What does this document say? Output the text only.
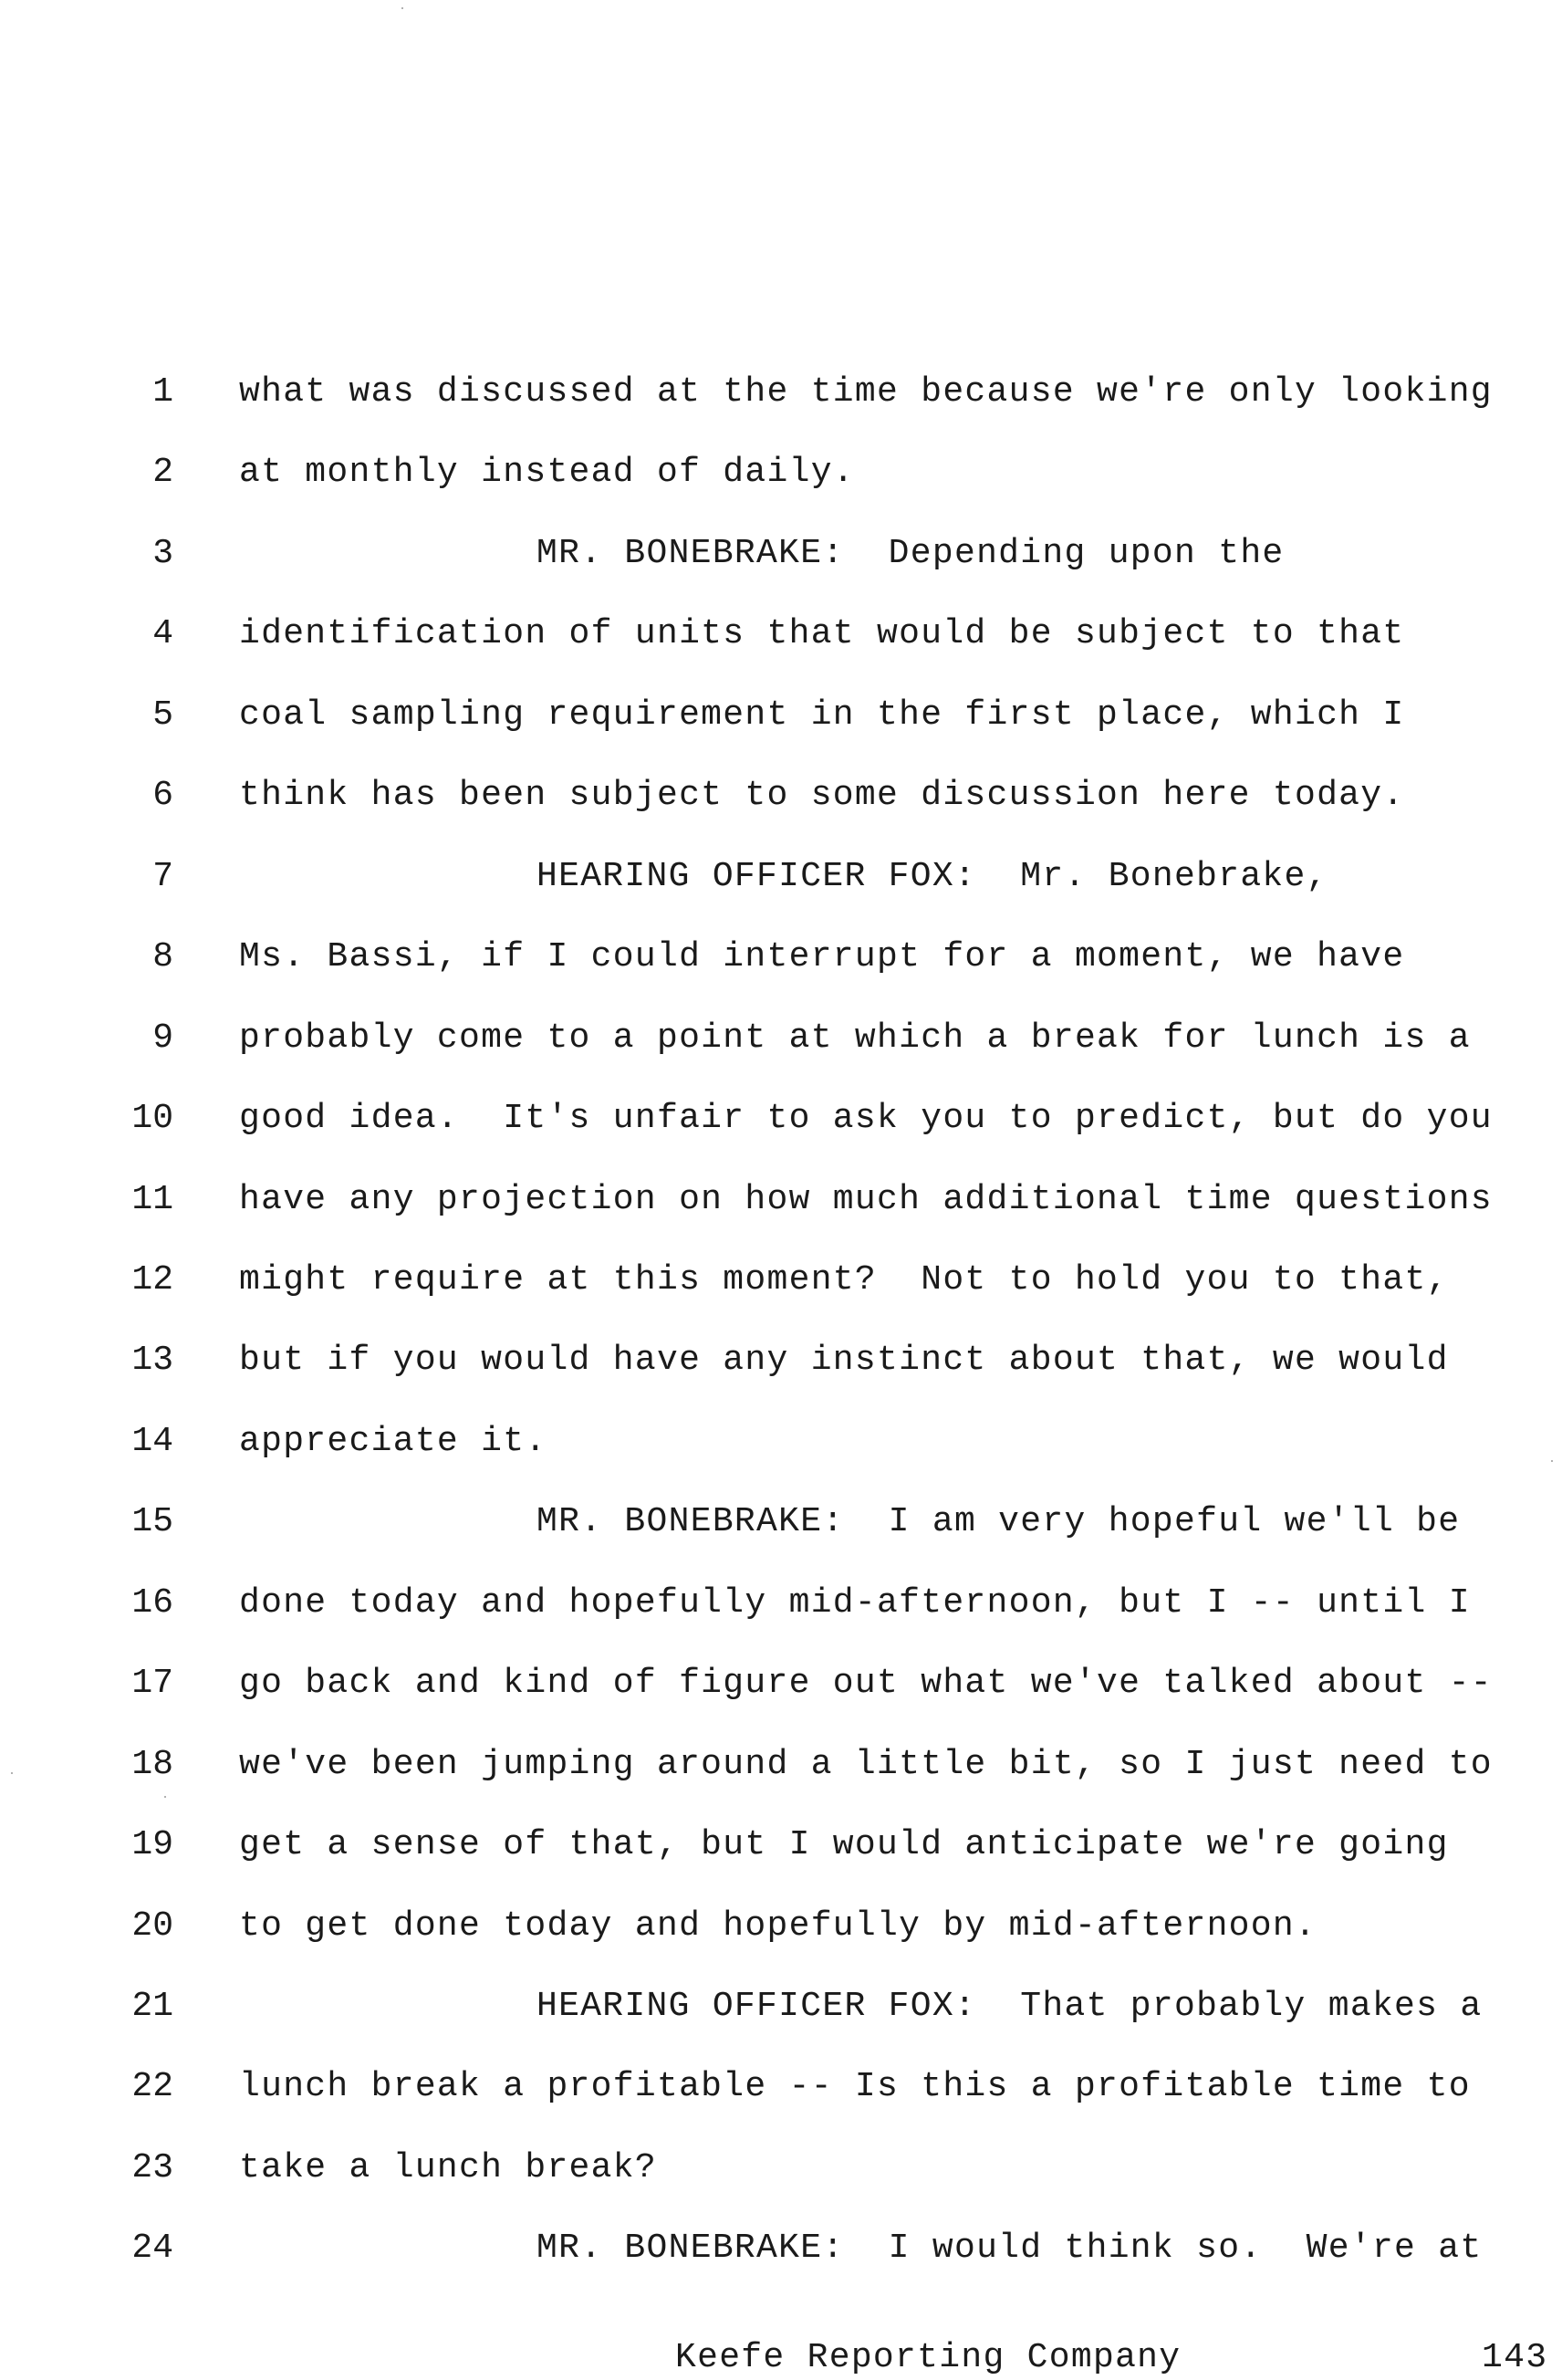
1 what was discussed at the time because we're only looking
2 at monthly instead of daily.
3	MR. BONEBRAKE:  Depending upon the
4 identification of units that would be subject to that
5 coal sampling requirement in the first place, which I
6 think has been subject to some discussion here today.
7	HEARING OFFICER FOX:  Mr. Bonebrake,
8 Ms. Bassi, if I could interrupt for a moment, we have
9 probably come to a point at which a break for lunch is a
10 good idea.  It's unfair to ask you to predict, but do you
11 have any projection on how much additional time questions
12 might require at this moment?  Not to hold you to that,
13 but if you would have any instinct about that, we would
14 appreciate it.
15	MR. BONEBRAKE:  I am very hopeful we'll be
16 done today and hopefully mid-afternoon, but I -- until I
17 go back and kind of figure out what we've talked about --
18 we've been jumping around a little bit, so I just need to
19 get a sense of that, but I would anticipate we're going
20 to get done today and hopefully by mid-afternoon.
21	HEARING OFFICER FOX:  That probably makes a
22 lunch break a profitable -- Is this a profitable time to
23 take a lunch break?
24	MR. BONEBRAKE:  I would think so.  We're at
Keefe Reporting Company	143
